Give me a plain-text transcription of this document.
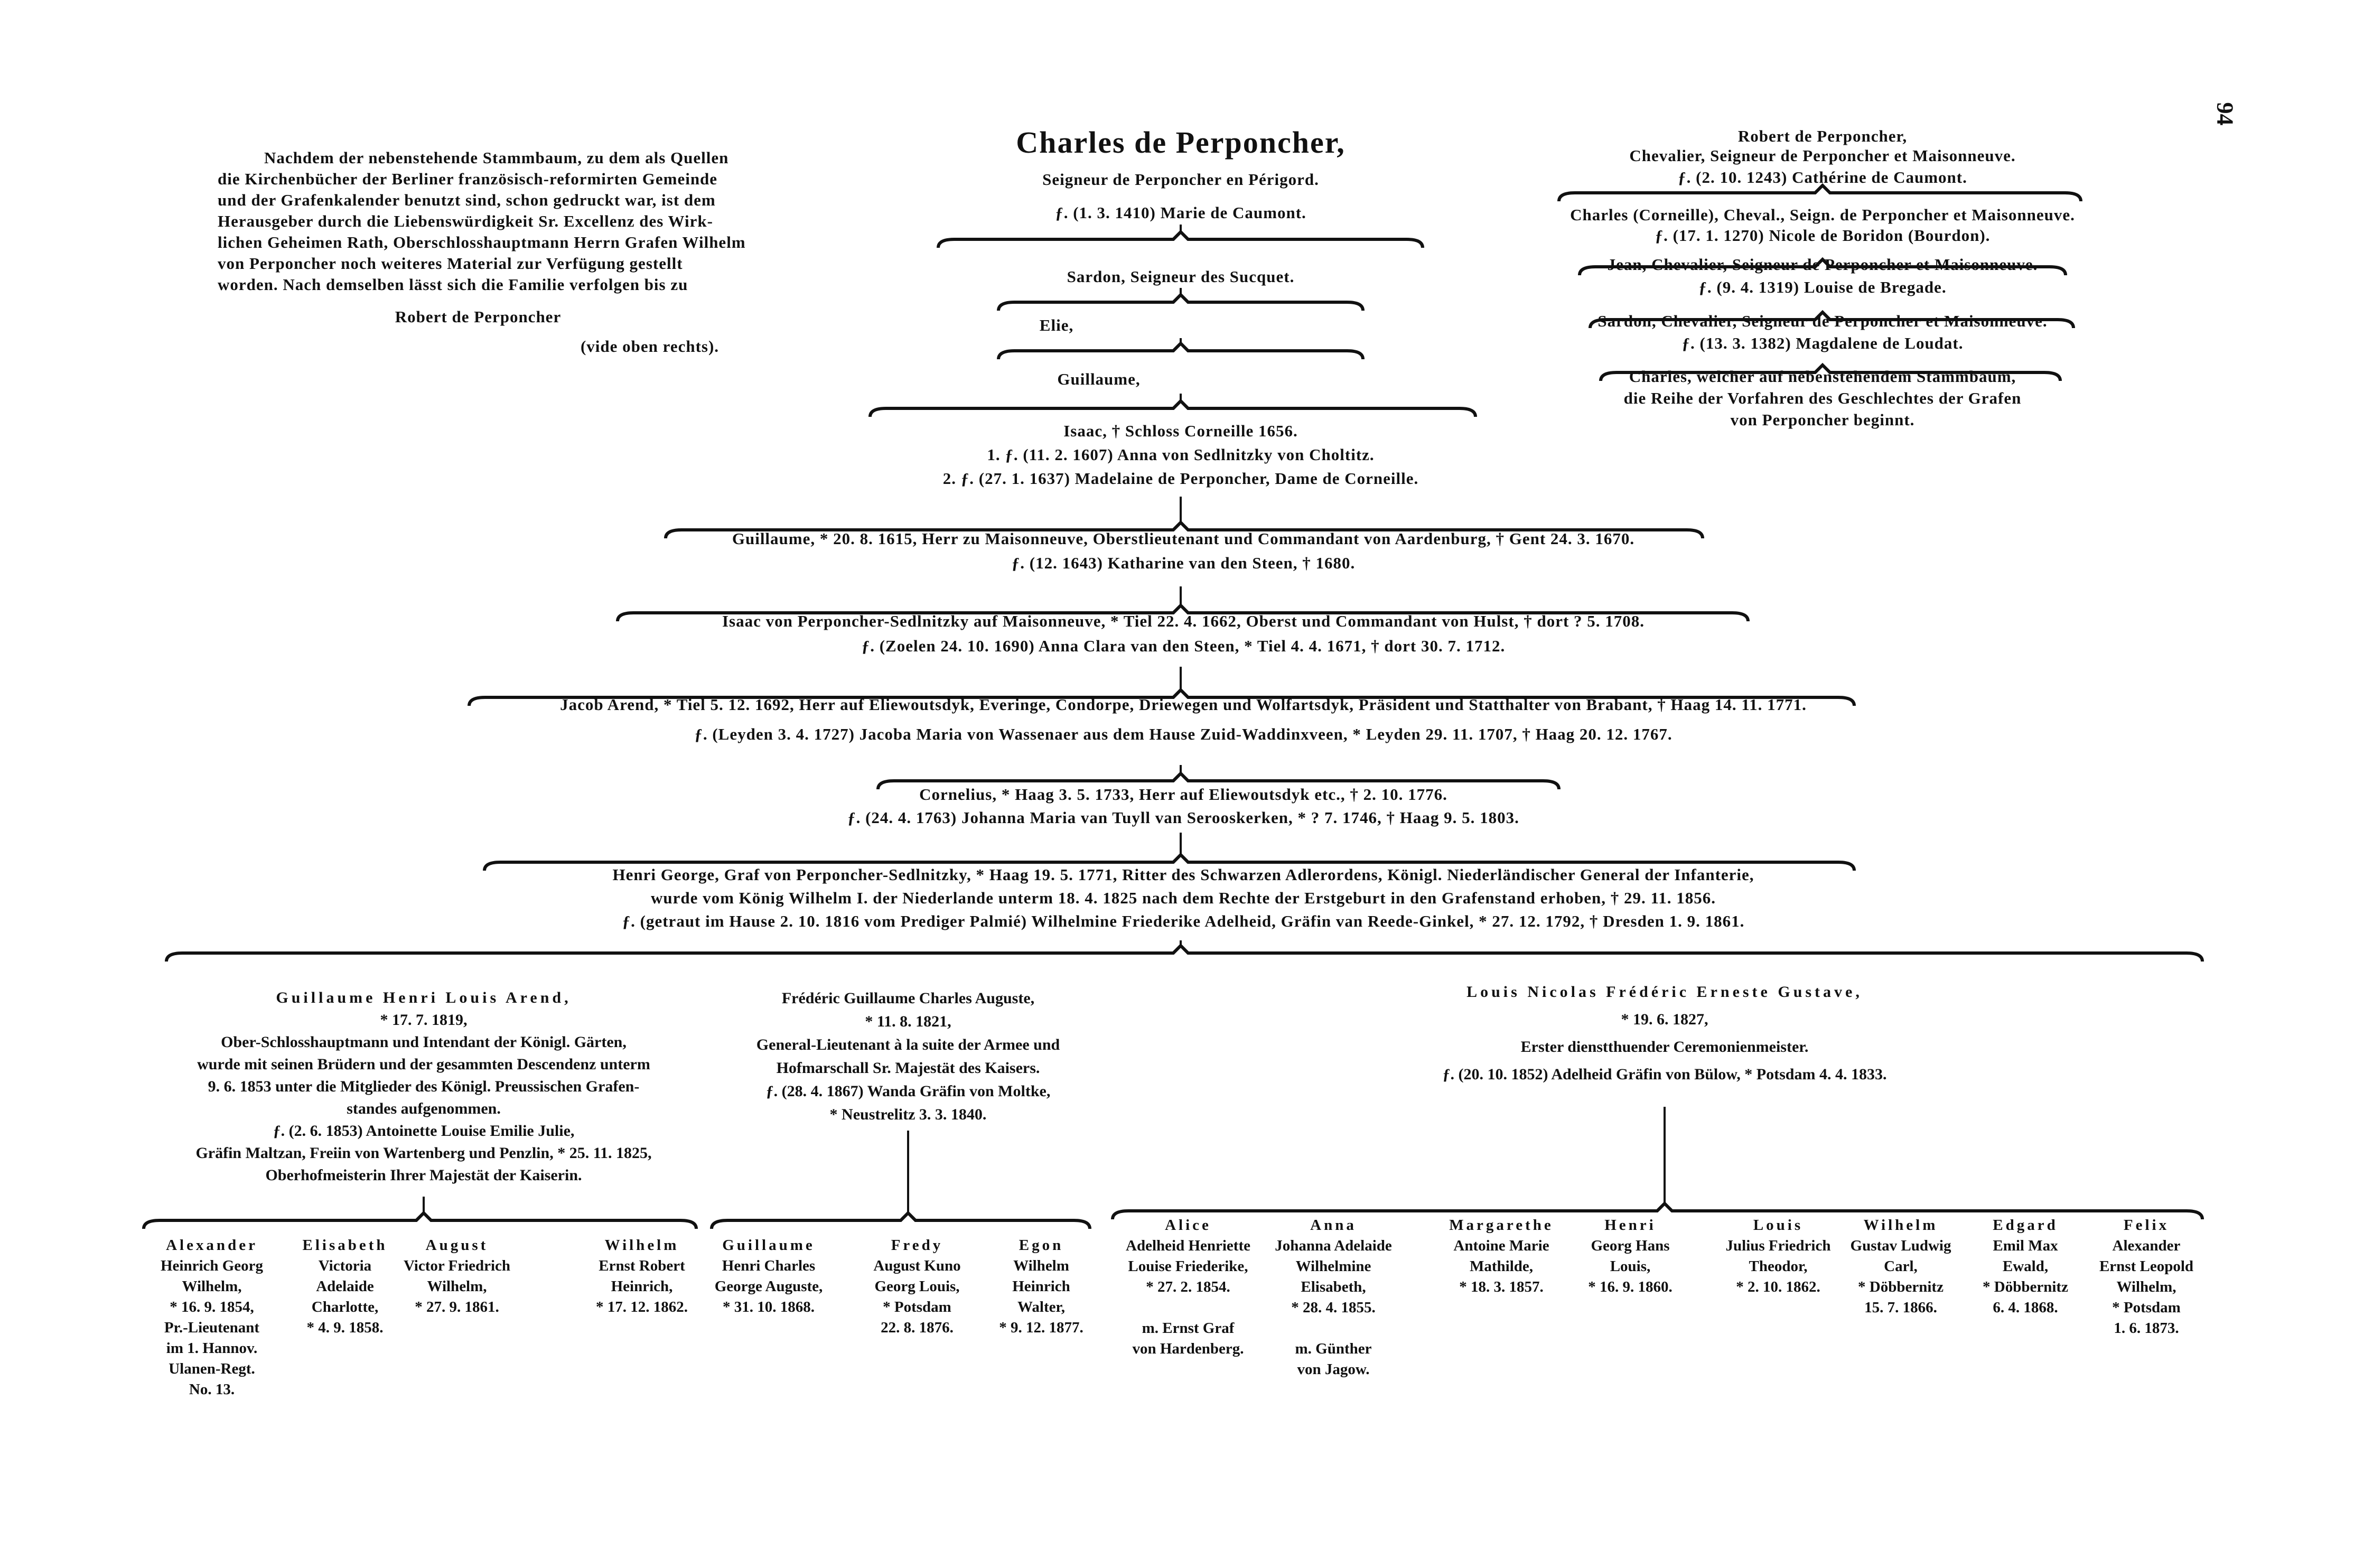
94
Nachdem der nebenstehende Stammbaum, zu dem als Quellen
die Kirchenbücher der Berliner französisch-reformirten Gemeinde
und der Grafenkalender benutzt sind, schon gedruckt war, ist dem
Herausgeber durch die Liebenswürdigkeit Sr. Excellenz des Wirk-
lichen Geheimen Rath, Oberschlosshauptmann Herrn Grafen Wilhelm
von Perponcher noch weiteres Material zur Verfügung gestellt
worden. Nach demselben lässt sich die Familie verfolgen bis zu
Robert de Perponcher
(vide oben rechts).
Charles de Perponcher,
Seigneur de Perponcher en Périgord.
ƒ. (1. 3. 1410) Marie de Caumont.
Sardon, Seigneur des Sucquet.
Elie,
Guillaume,
Isaac, † Schloss Corneille 1656.
1. ƒ. (11. 2. 1607) Anna von Sedlnitzky von Choltitz.
2. ƒ. (27. 1. 1637) Madelaine de Perponcher, Dame de Corneille.
Guillaume, * 20. 8. 1615, Herr zu Maisonneuve, Oberstlieutenant und Commandant von Aardenburg, † Gent 24. 3. 1670.
ƒ. (12. 1643) Katharine van den Steen, † 1680.
Isaac von Perponcher-Sedlnitzky auf Maisonneuve, * Tiel 22. 4. 1662, Oberst und Commandant von Hulst, † dort ? 5. 1708.
ƒ. (Zoelen 24. 10. 1690) Anna Clara van den Steen, * Tiel 4. 4. 1671, † dort 30. 7. 1712.
Jacob Arend, * Tiel 5. 12. 1692, Herr auf Eliewoutsdyk, Everinge, Condorpe, Driewegen und Wolfartsdyk, Präsident und Statthalter von Brabant, † Haag 14. 11. 1771.
ƒ. (Leyden 3. 4. 1727) Jacoba Maria von Wassenaer aus dem Hause Zuid-Waddinxveen, * Leyden 29. 11. 1707, † Haag 20. 12. 1767.
Cornelius, * Haag 3. 5. 1733, Herr auf Eliewoutsdyk etc., † 2. 10. 1776.
ƒ. (24. 4. 1763) Johanna Maria van Tuyll van Serooskerken, * ? 7. 1746, † Haag 9. 5. 1803.
Henri George, Graf von Perponcher-Sedlnitzky, * Haag 19. 5. 1771, Ritter des Schwarzen Adlerordens, Königl. Niederländischer General der Infanterie,
wurde vom König Wilhelm I. der Niederlande unterm 18. 4. 1825 nach dem Rechte der Erstgeburt in den Grafenstand erhoben, † 29. 11. 1856.
ƒ. (getraut im Hause 2. 10. 1816 vom Prediger Palmié) Wilhelmine Friederike Adelheid, Gräfin van Reede-Ginkel, * 27. 12. 1792, † Dresden 1. 9. 1861.
Guillaume Henri Louis Arend,
* 17. 7. 1819,
Ober-Schlosshauptmann und Intendant der Königl. Gärten,
wurde mit seinen Brüdern und der gesammten Descendenz unterm
9. 6. 1853 unter die Mitglieder des Königl. Preussischen Grafen-
standes aufgenommen.
ƒ. (2. 6. 1853) Antoinette Louise Emilie Julie,
Gräfin Maltzan, Freiin von Wartenberg und Penzlin, * 25. 11. 1825,
Oberhofmeisterin Ihrer Majestät der Kaiserin.
Frédéric Guillaume Charles Auguste,
* 11. 8. 1821,
General-Lieutenant à la suite der Armee und
Hofmarschall Sr. Majestät des Kaisers.
ƒ. (28. 4. 1867) Wanda Gräfin von Moltke,
* Neustrelitz 3. 3. 1840.
Louis Nicolas Frédéric Erneste Gustave,
* 19. 6. 1827,
Erster dienstthuender Ceremonienmeister.
ƒ. (20. 10. 1852) Adelheid Gräfin von Bülow, * Potsdam 4. 4. 1833.
Alexander
Heinrich Georg
Wilhelm,
* 16. 9. 1854,
Pr.-Lieutenant
im 1. Hannov.
Ulanen-Regt.
No. 13.
Elisabeth
Victoria
Adelaide
Charlotte,
* 4. 9. 1858.
August
Victor Friedrich
Wilhelm,
* 27. 9. 1861.
Wilhelm
Ernst Robert
Heinrich,
* 17. 12. 1862.
Guillaume
Henri Charles
George Auguste,
* 31. 10. 1868.
Fredy
August Kuno
Georg Louis,
* Potsdam
22. 8. 1876.
Egon
Wilhelm
Heinrich
Walter,
* 9. 12. 1877.
Alice
Adelheid Henriette
Louise Friederike,
* 27. 2. 1854.

m. Ernst Graf
von Hardenberg.
Anna
Johanna Adelaide
Wilhelmine
Elisabeth,
* 28. 4. 1855.

m. Günther
von Jagow.
Margarethe
Antoine Marie
Mathilde,
* 18. 3. 1857.
Henri
Georg Hans
Louis,
* 16. 9. 1860.
Louis
Julius Friedrich
Theodor,
* 2. 10. 1862.
Wilhelm
Gustav Ludwig
Carl,
* Döbbernitz
15. 7. 1866.
Edgard
Emil Max
Ewald,
* Döbbernitz
6. 4. 1868.
Felix
Alexander
Ernst Leopold
Wilhelm,
* Potsdam
1. 6. 1873.
Robert de Perponcher,
Chevalier, Seigneur de Perponcher et Maisonneuve.
ƒ. (2. 10. 1243) Cathérine de Caumont.
Charles (Corneille), Cheval., Seign. de Perponcher et Maisonneuve.
ƒ. (17. 1. 1270) Nicole de Boridon (Bourdon).
Jean, Chevalier, Seigneur de Perponcher et Maisonneuve.
ƒ. (9. 4. 1319) Louise de Bregade.
Sardon, Chevalier, Seigneur de Perponcher et Maisonneuve.
ƒ. (13. 3. 1382) Magdalene de Loudat.
Charles, welcher auf nebenstehendem Stammbaum,
die Reihe der Vorfahren des Geschlechtes der Grafen
von Perponcher beginnt.
